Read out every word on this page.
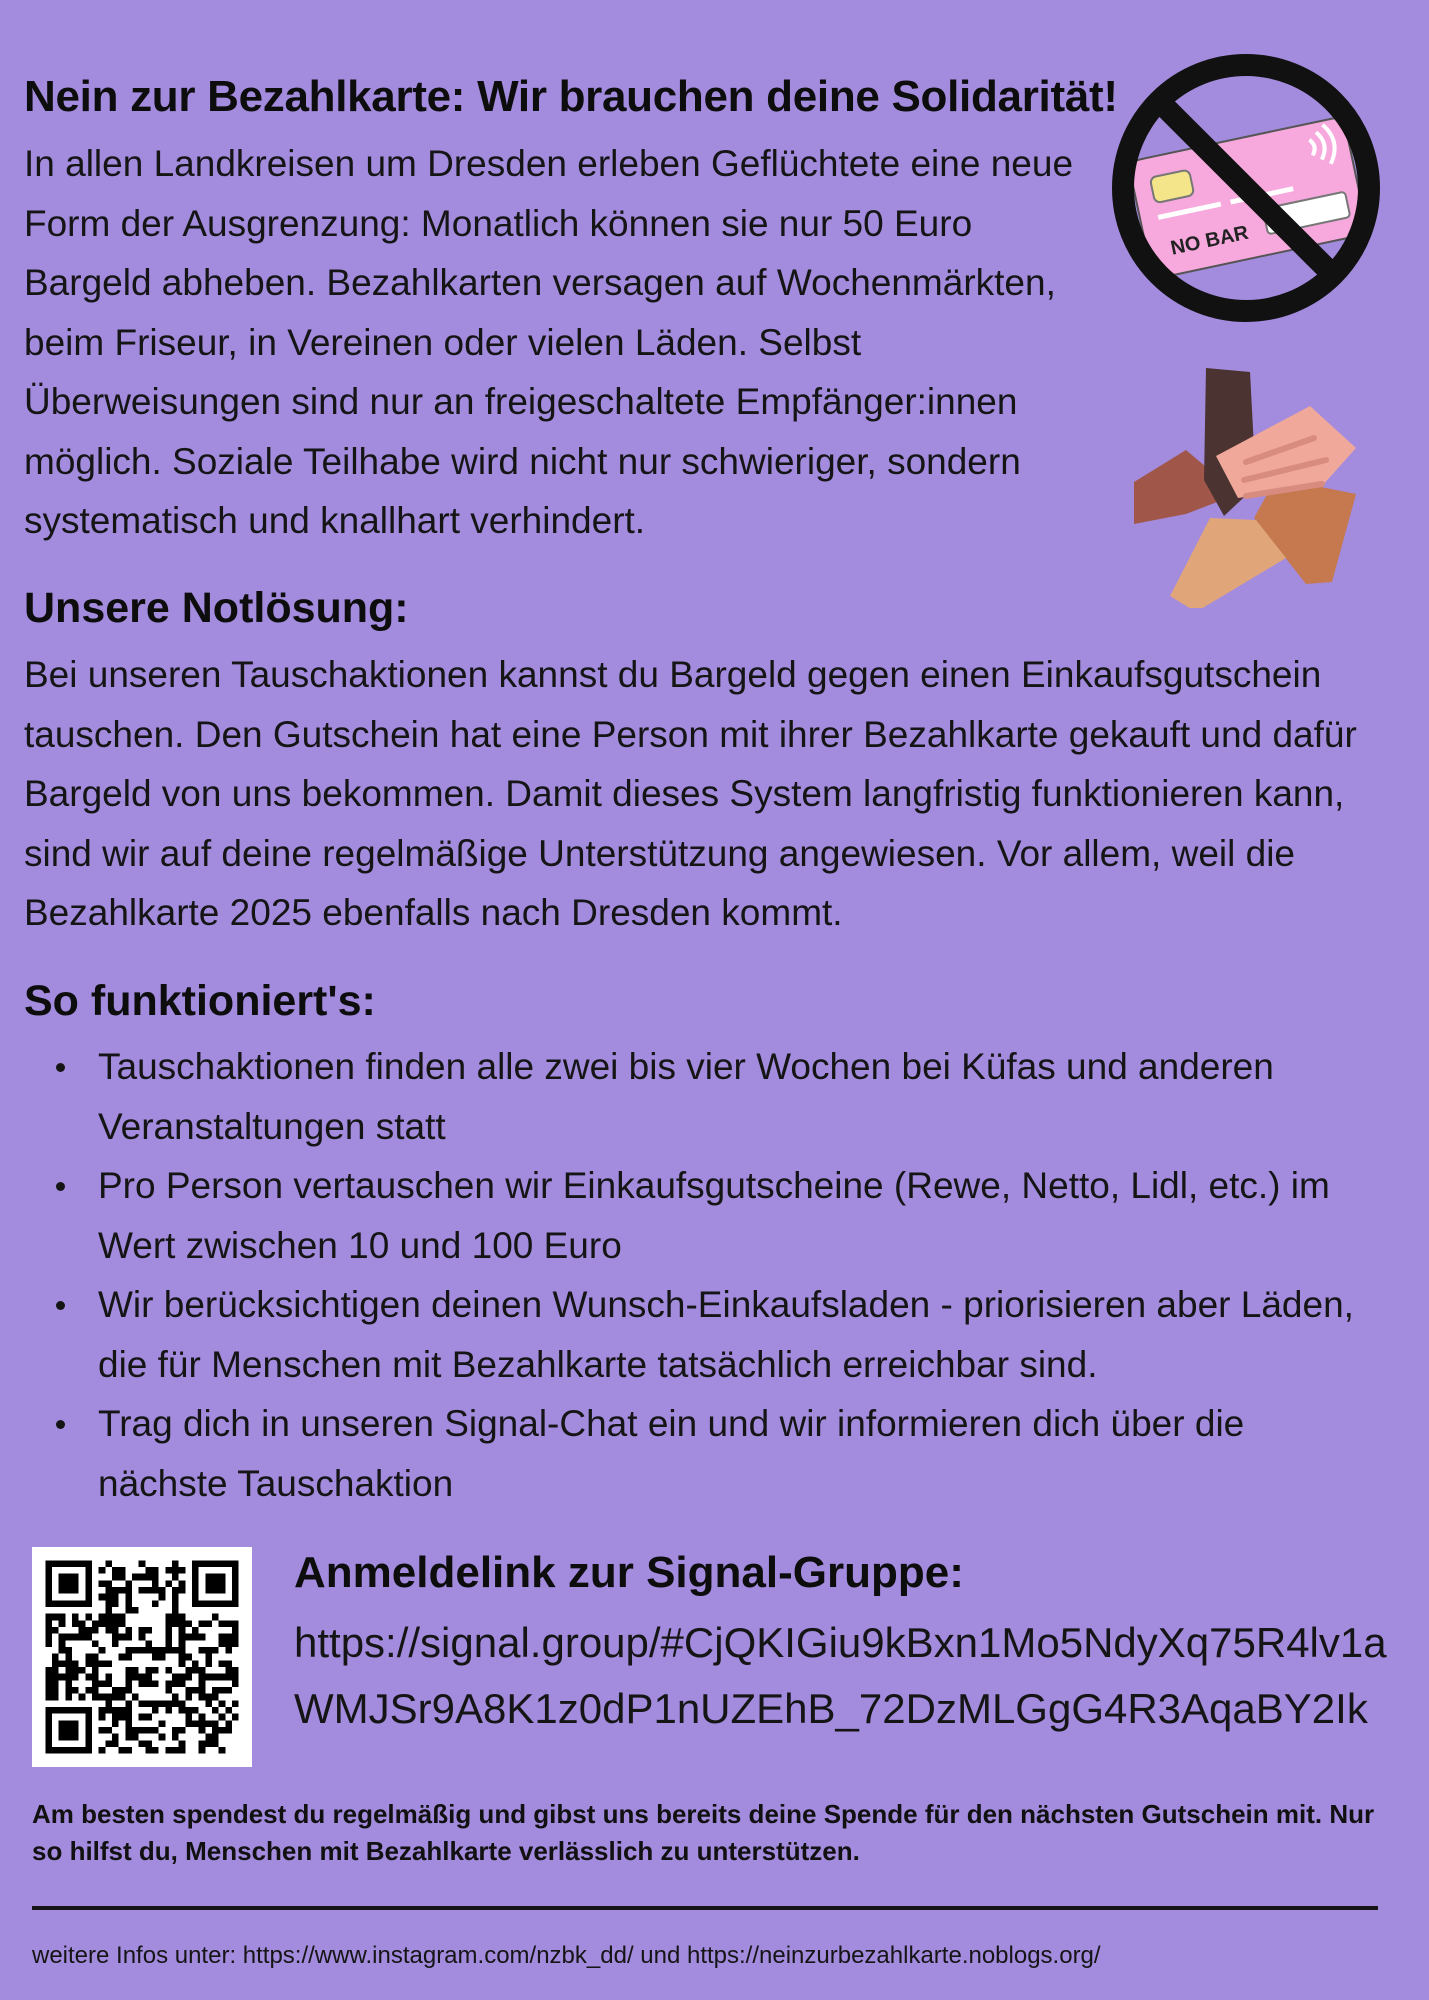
Nein zur Bezahlkarte: Wir brauchen deine Solidarität!

In allen Landkreisen um Dresden erleben Geflüchtete eine neue Form der Ausgrenzung: Monatlich können sie nur 50 Euro Bargeld abheben. Bezahlkarten versagen auf Wochenmärkten, beim Friseur, in Vereinen oder vielen Läden. Selbst Überweisungen sind nur an freigeschaltete Empfänger:innen möglich. Soziale Teilhabe wird nicht nur schwieriger, sondern systematisch und knallhart verhindert.

NO BAR
Unsere Notlösung:

Bei unseren Tauschaktionen kannst du Bargeld gegen einen Einkaufsgutschein tauschen. Den Gutschein hat eine Person mit ihrer Bezahlkarte gekauft und dafür Bargeld von uns bekommen. Damit dieses System langfristig funktionieren kann, sind wir auf deine regelmäßige Unterstützung angewiesen. Vor allem, weil die Bezahlkarte 2025 ebenfalls nach Dresden kommt.

So funktioniert's:
Tauschaktionen finden alle zwei bis vier Wochen bei Küfas und anderen Veranstaltungen statt
Pro Person vertauschen wir Einkaufsgutscheine (Rewe, Netto, Lidl, etc.) im Wert zwischen 10 und 100 Euro
Wir berücksichtigen deinen Wunsch-Einkaufsladen - priorisieren aber Läden, die für Menschen mit Bezahlkarte tatsächlich erreichbar sind.
Trag dich in unseren Signal-Chat ein und wir informieren dich über die nächste Tauschaktion
Anmeldelink zur Signal-Gruppe:
https://signal.group/#CjQKIGiu9kBxn1Mo5NdyXq75R4lv1aWMJSr9A8K1z0dP1nUZEhB_72DzMLGgG4R3AqaBY2Ik
Am besten spendest du regelmäßig und gibst uns bereits deine Spende für den nächsten Gutschein mit. Nur so hilfst du, Menschen mit Bezahlkarte verlässlich zu unterstützen.
weitere Infos unter: https://www.instagram.com/nzbk_dd/ und https://neinzurbezahlkarte.noblogs.org/
